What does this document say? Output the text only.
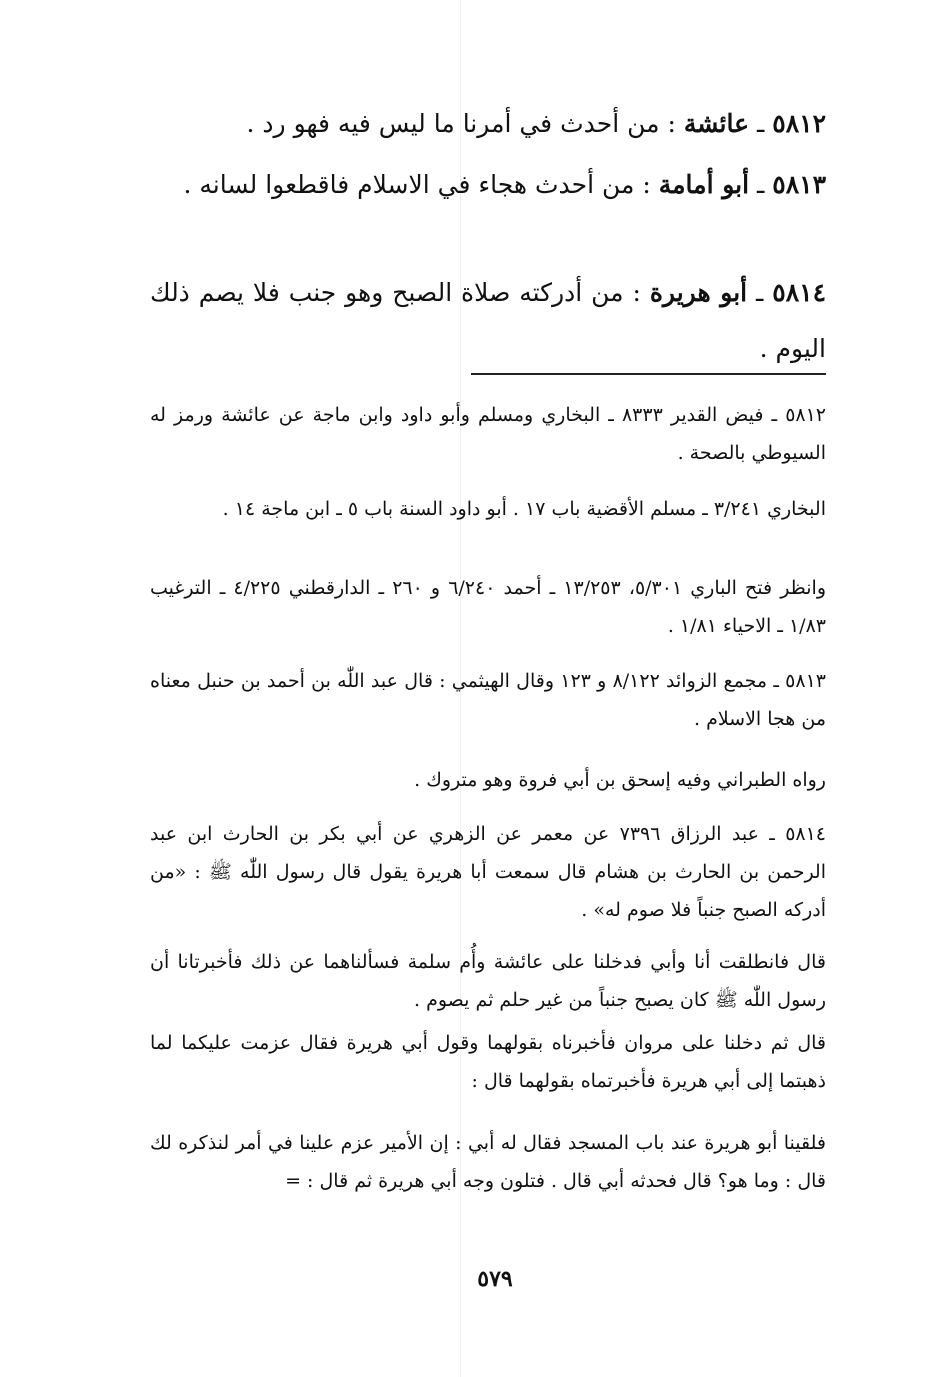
٥٨١٢ ـ عائشة : من أحدث في أمرنا ما ليس فيه فهو رد .

٥٨١٣ ـ أبو أمامة : من أحدث هجاء في الاسلام فاقطعوا لسانه .

٥٨١٤ ـ أبو هريرة : من أدركته صلاة الصبح وهو جنب فلا يصم ذلك اليوم .

٥٨١٢ ـ فيض القدير ٨٣٣٣ ـ البخاري ومسلم وأبو داود وابن ماجة عن عائشة ورمز له السيوطي بالصحة .

البخاري ٣/٢٤١ ـ مسلم الأقضية باب ١٧ . أبو داود السنة باب ٥ ـ ابن ماجة ١٤ .

وانظر فتح الباري ٥/٣٠١، ١٣/٢٥٣ ـ أحمد ٦/٢٤٠ و ٢٦٠ ـ الدارقطني ٤/٢٢٥ ـ الترغيب ١/٨٣ ـ الاحياء ١/٨١ .

٥٨١٣ ـ مجمع الزوائد ٨/١٢٢ و ١٢٣ وقال الهيثمي : قال عبد اللّٰه بن أحمد بن حنبل معناه من هجا الاسلام .

رواه الطبراني وفيه إسحق بن أبي فروة وهو متروك .

٥٨١٤ ـ عبد الرزاق ٧٣٩٦ عن معمر عن الزهري عن أبي بكر بن الحارث ابن عبد الرحمن بن الحارث بن هشام قال سمعت أبا هريرة يقول قال رسول اللّٰه ﷺ : «من أدركه الصبح جنباً فلا صوم له» .

قال فانطلقت أنا وأبي فدخلنا على عائشة وأُم سلمة فسألناهما عن ذلك فأخبرتانا أن رسول اللّٰه ﷺ كان يصبح جنباً من غير حلم ثم يصوم .

قال ثم دخلنا على مروان فأخبرناه بقولهما وقول أبي هريرة فقال عزمت عليكما لما ذهبتما إلى أبي هريرة فأخبرتماه بقولهما قال :

فلقينا أبو هريرة عند باب المسجد فقال له أبي : إن الأمير عزم علينا في أمر لنذكره لك قال : وما هو؟ قال فحدثه أبي قال . فتلون وجه أبي هريرة ثم قال : =

٥٧٩
